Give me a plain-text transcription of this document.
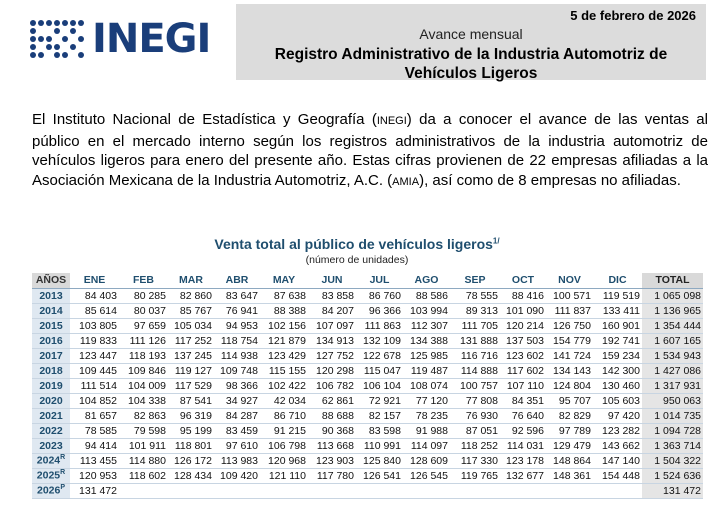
INEGI
5 de febrero de 2026
Avance mensual
Registro Administrativo de la Industria Automotriz de Vehículos Ligeros

El Instituto Nacional de Estadística y Geografía (INEGI) da a conocer el avance de las ventas al público en el mercado interno según los registros administrativos de la industria automotriz de vehículos ligeros para enero del presente año. Estas cifras provienen de 22 empresas afiliadas a la Asociación Mexicana de la Industria Automotriz, A.C. (AMIA), así como de 8 empresas no afiliadas.

Venta total al público de vehículos ligeros$^{1/}$
(número de unidades)
AÑOS	ENE	FEB	MAR	ABR	MAY	JUN	JUL	AGO	SEP	OCT	NOV	DIC	TOTAL
2013	84 403	80 285	82 860	83 647	87 638	83 858	86 760	88 586	78 555	88 416	100 571	119 519	1 065 098
2014	85 614	80 037	85 767	76 941	88 388	84 207	96 366	103 994	89 313	101 090	111 837	133 411	1 136 965
2015	103 805	97 659	105 034	94 953	102 156	107 097	111 863	112 307	111 705	120 214	126 750	160 901	1 354 444
2016	119 833	111 126	117 252	118 754	121 879	134 913	132 109	134 388	131 888	137 503	154 779	192 741	1 607 165
2017	123 447	118 193	137 245	114 938	123 429	127 752	122 678	125 985	116 716	123 602	141 724	159 234	1 534 943
2018	109 445	109 846	119 127	109 748	115 155	120 298	115 047	119 487	114 888	117 602	134 143	142 300	1 427 086
2019	111 514	104 009	117 529	98 366	102 422	106 782	106 104	108 074	100 757	107 110	124 804	130 460	1 317 931
2020	104 852	104 338	87 541	34 927	42 034	62 861	72 921	77 120	77 808	84 351	95 707	105 603	950 063
2021	81 657	82 863	96 319	84 287	86 710	88 688	82 157	78 235	76 930	76 640	82 829	97 420	1 014 735
2022	78 585	79 598	95 199	83 459	91 215	90 368	83 598	91 988	87 051	92 596	97 789	123 282	1 094 728
2023	94 414	101 911	118 801	97 610	106 798	113 668	110 991	114 097	118 252	114 031	129 479	143 662	1 363 714
$2024^R$	113 455	114 880	126 172	113 983	120 968	123 903	125 840	128 609	117 330	123 178	148 864	147 140	1 504 322
$2025^R$	120 953	118 602	128 434	109 420	121 110	117 780	126 541	126 545	119 765	132 677	148 361	154 448	1 524 636
$2026^P$	131 472												131 472
